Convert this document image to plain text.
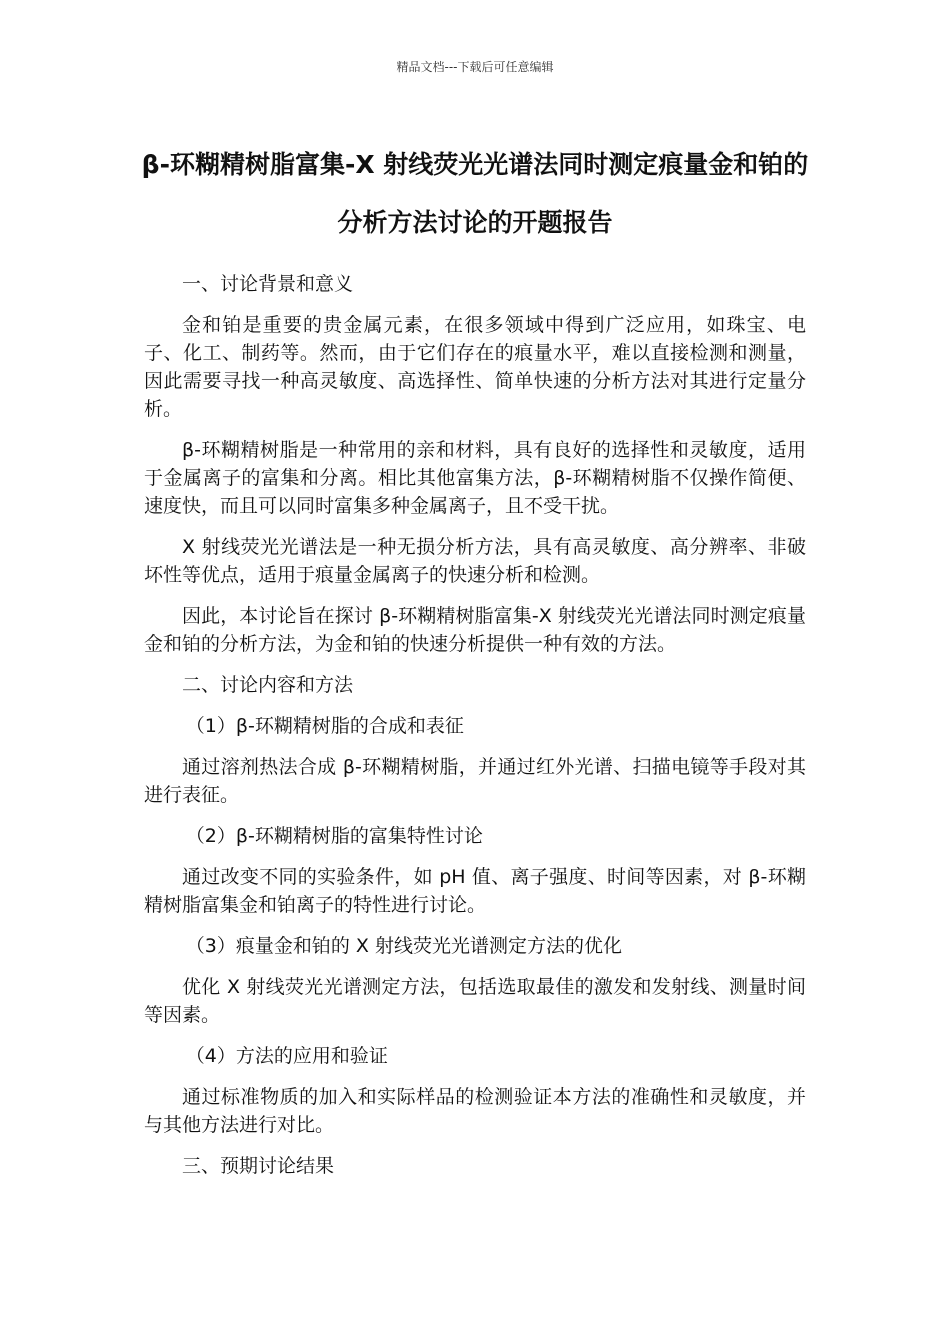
精品文档---下载后可任意编辑
β-环糊精树脂富集-X 射线荧光光谱法同时测定痕量金和铂的分析方法讨论的开题报告

一、讨论背景和意义

金和铂是重要的贵金属元素，在很多领域中得到广泛应用，如珠宝、电子、化工、制药等。然而，由于它们存在的痕量水平，难以直接检测和测量，因此需要寻找一种高灵敏度、高选择性、简单快速的分析方法对其进行定量分析。

β-环糊精树脂是一种常用的亲和材料，具有良好的选择性和灵敏度，适用于金属离子的富集和分离。相比其他富集方法，β-环糊精树脂不仅操作简便、速度快，而且可以同时富集多种金属离子，且不受干扰。

X 射线荧光光谱法是一种无损分析方法，具有高灵敏度、高分辨率、非破坏性等优点，适用于痕量金属离子的快速分析和检测。

因此，本讨论旨在探讨 β-环糊精树脂富集-X 射线荧光光谱法同时测定痕量金和铂的分析方法，为金和铂的快速分析提供一种有效的方法。

二、讨论内容和方法

（1）β-环糊精树脂的合成和表征

通过溶剂热法合成 β-环糊精树脂，并通过红外光谱、扫描电镜等手段对其进行表征。

（2）β-环糊精树脂的富集特性讨论

通过改变不同的实验条件，如 pH 值、离子强度、时间等因素，对 β-环糊精树脂富集金和铂离子的特性进行讨论。

（3）痕量金和铂的 X 射线荧光光谱测定方法的优化

优化 X 射线荧光光谱测定方法，包括选取最佳的激发和发射线、测量时间等因素。

（4）方法的应用和验证

通过标准物质的加入和实际样品的检测验证本方法的准确性和灵敏度，并与其他方法进行对比。

三、预期讨论结果
